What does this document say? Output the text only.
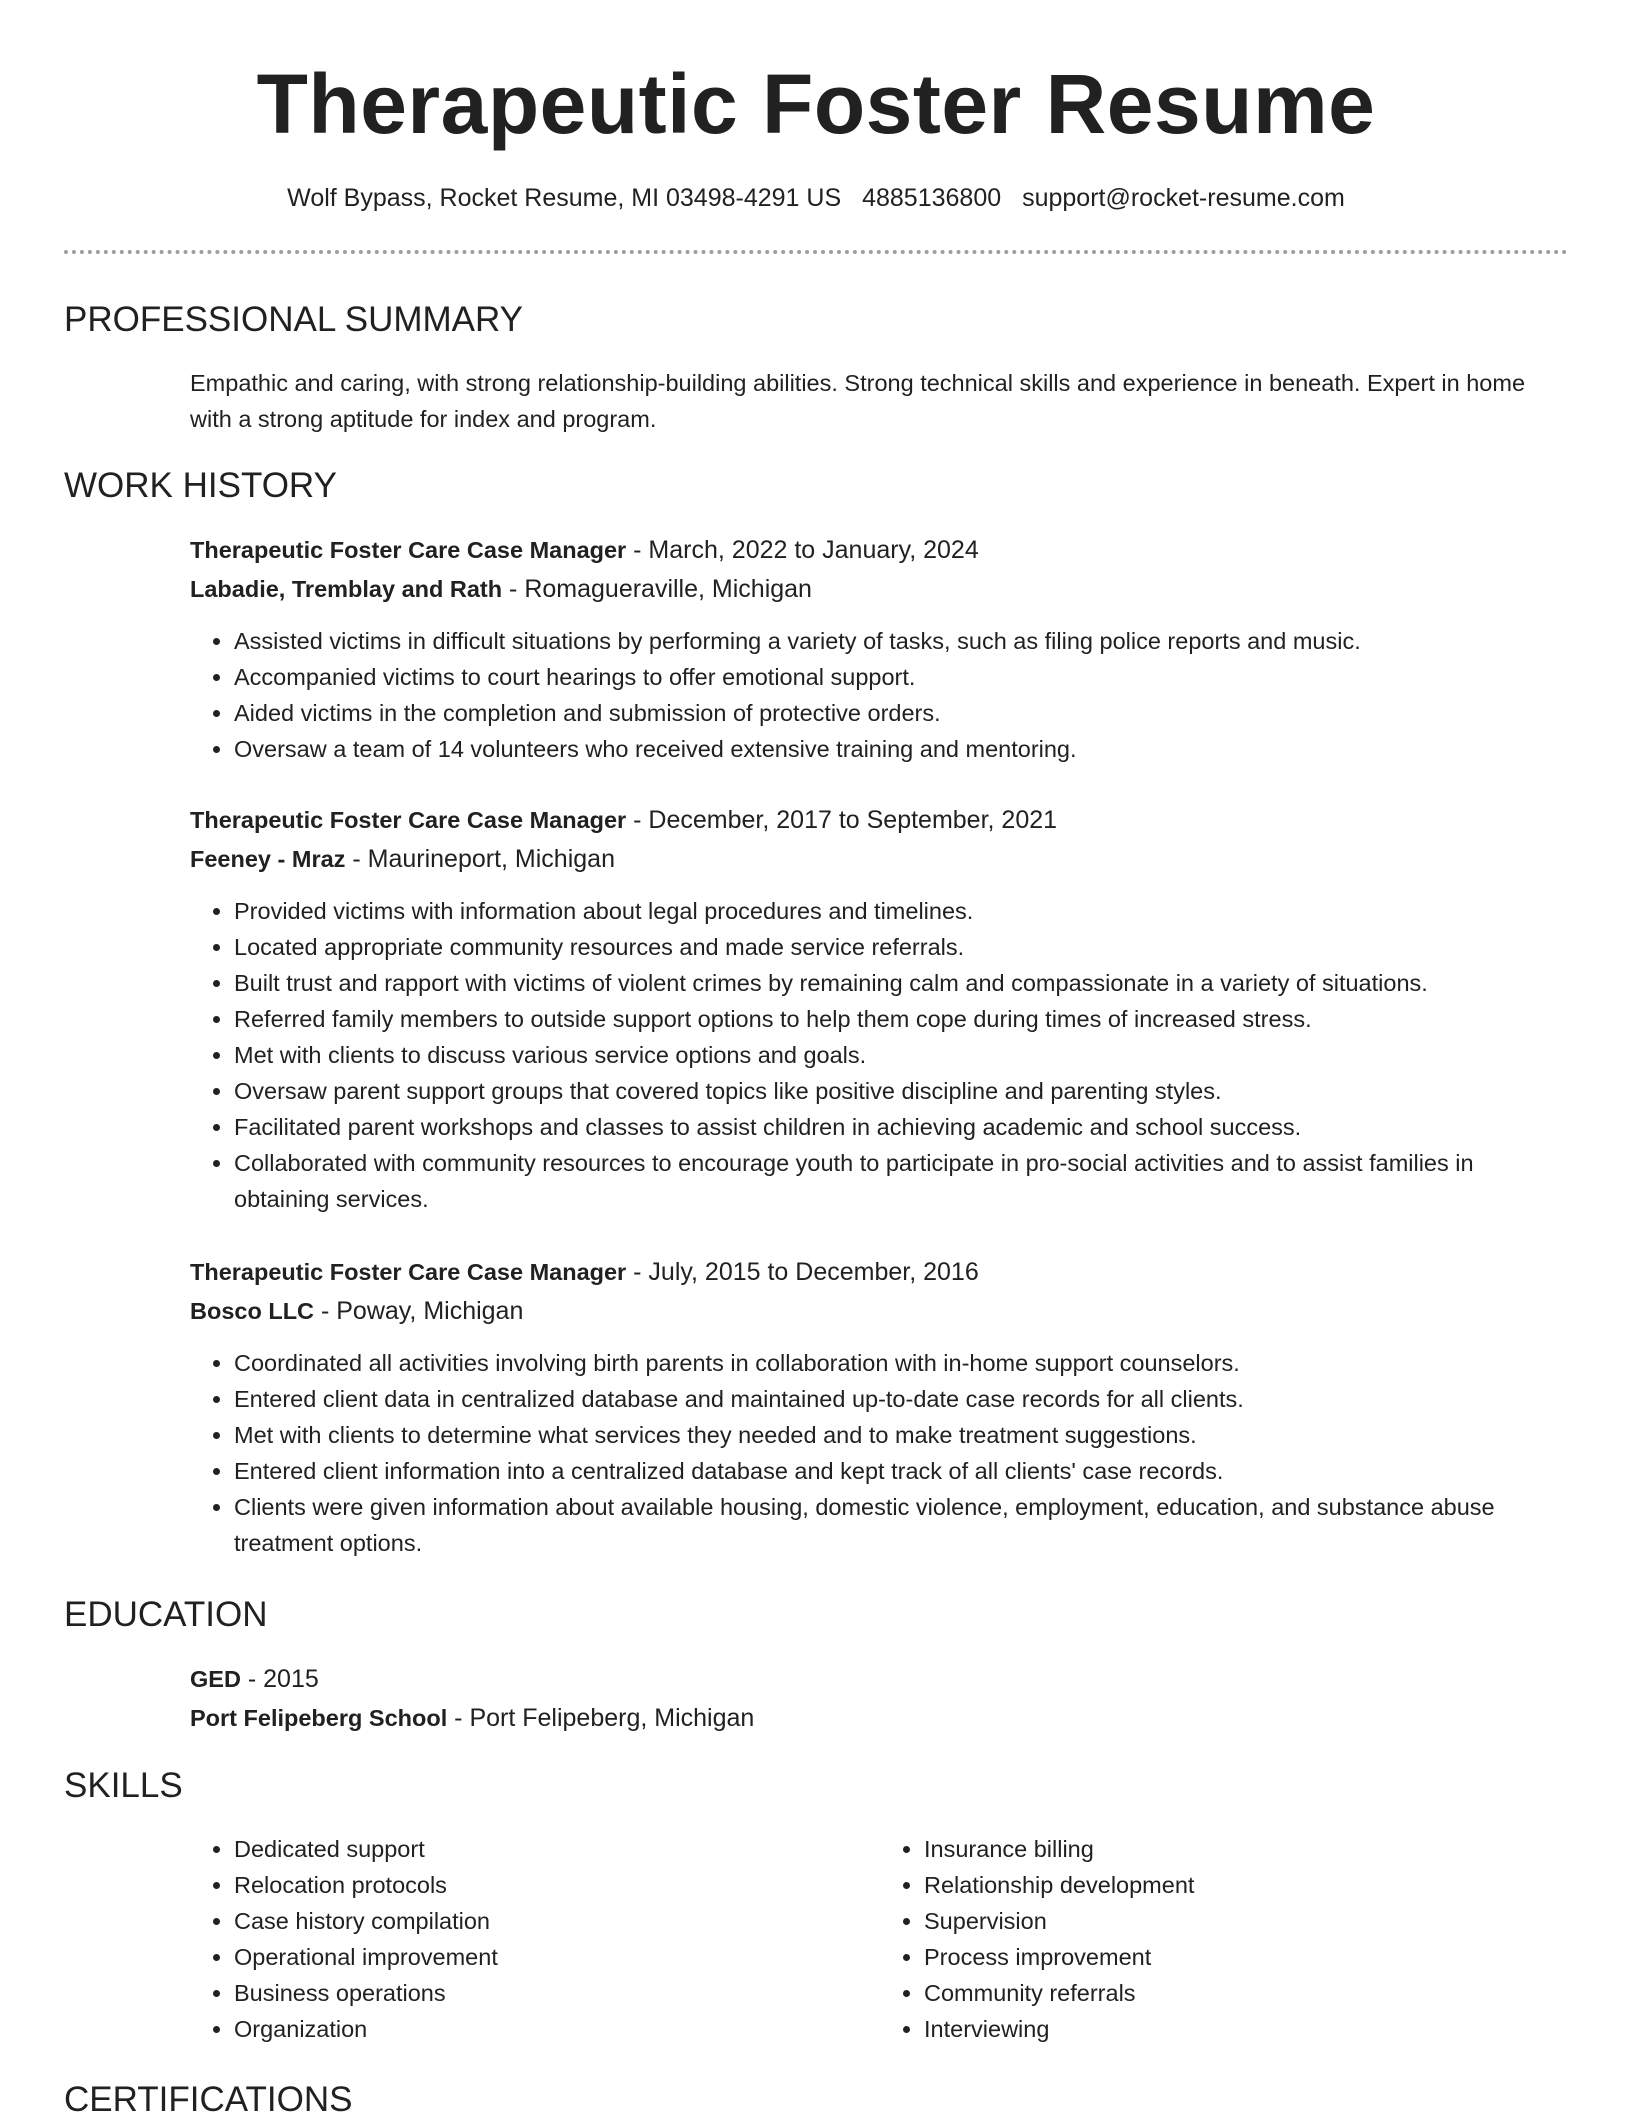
Therapeutic Foster Resume
Wolf Bypass, Rocket Resume, MI 03498-4291 US 4885136800 support@rocket-resume.com
PROFESSIONAL SUMMARY
Empathic and caring, with strong relationship-building abilities. Strong technical skills and experience in beneath. Expert in home with a strong aptitude for index and program.
WORK HISTORY
Therapeutic Foster Care Case Manager - March, 2022 to January, 2024
Labadie, Tremblay and Rath - Romagueraville, Michigan
• Assisted victims in difficult situations by performing a variety of tasks, such as filing police reports and music.
• Accompanied victims to court hearings to offer emotional support.
• Aided victims in the completion and submission of protective orders.
• Oversaw a team of 14 volunteers who received extensive training and mentoring.
Therapeutic Foster Care Case Manager - December, 2017 to September, 2021
Feeney - Mraz - Maurineport, Michigan
• Provided victims with information about legal procedures and timelines.
• Located appropriate community resources and made service referrals.
• Built trust and rapport with victims of violent crimes by remaining calm and compassionate in a variety of situations.
• Referred family members to outside support options to help them cope during times of increased stress.
• Met with clients to discuss various service options and goals.
• Oversaw parent support groups that covered topics like positive discipline and parenting styles.
• Facilitated parent workshops and classes to assist children in achieving academic and school success.
• Collaborated with community resources to encourage youth to participate in pro-social activities and to assist families in obtaining services.
Therapeutic Foster Care Case Manager - July, 2015 to December, 2016
Bosco LLC - Poway, Michigan
• Coordinated all activities involving birth parents in collaboration with in-home support counselors.
• Entered client data in centralized database and maintained up-to-date case records for all clients.
• Met with clients to determine what services they needed and to make treatment suggestions.
• Entered client information into a centralized database and kept track of all clients' case records.
• Clients were given information about available housing, domestic violence, employment, education, and substance abuse treatment options.
EDUCATION
GED - 2015
Port Felipeberg School - Port Felipeberg, Michigan
SKILLS
• Dedicated support
• Relocation protocols
• Case history compilation
• Operational improvement
• Business operations
• Organization
• Insurance billing
• Relationship development
• Supervision
• Process improvement
• Community referrals
• Interviewing
CERTIFICATIONS
